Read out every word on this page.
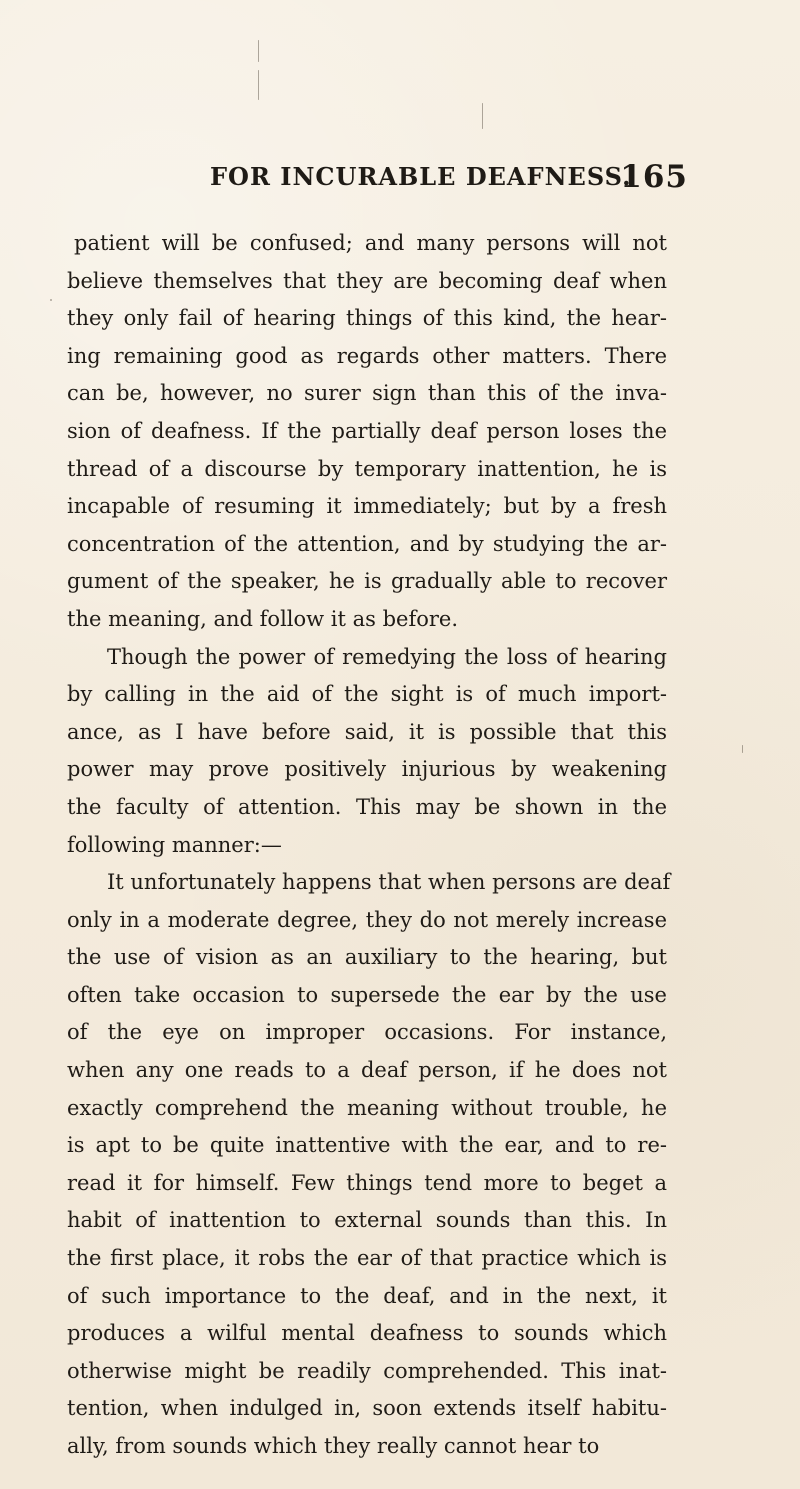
FOR INCURABLE DEAFNESS.
165
patient will be confused; and many persons will not
believe themselves that they are becoming deaf when
they only fail of hearing things of this kind, the hear-
ing remaining good as regards other matters. There
can be, however, no surer sign than this of the inva-
sion of deafness. If the partially deaf person loses the
thread of a discourse by temporary inattention, he is
incapable of resuming it immediately; but by a fresh
concentration of the attention, and by studying the ar-
gument of the speaker, he is gradually able to recover
the meaning, and follow it as before.
Though the power of remedying the loss of hearing
by calling in the aid of the sight is of much import-
ance, as I have before said, it is possible that this
power may prove positively injurious by weakening
the faculty of attention. This may be shown in the
following manner:—
It unfortunately happens that when persons are deaf
only in a moderate degree, they do not merely increase
the use of vision as an auxiliary to the hearing, but
often take occasion to supersede the ear by the use
of the eye on improper occasions. For instance,
when any one reads to a deaf person, if he does not
exactly comprehend the meaning without trouble, he
is apt to be quite inattentive with the ear, and to re-
read it for himself. Few things tend more to beget a
habit of inattention to external sounds than this. In
the first place, it robs the ear of that practice which is
of such importance to the deaf, and in the next, it
produces a wilful mental deafness to sounds which
otherwise might be readily comprehended. This inat-
tention, when indulged in, soon extends itself habitu-
ally, from sounds which they really cannot hear to
